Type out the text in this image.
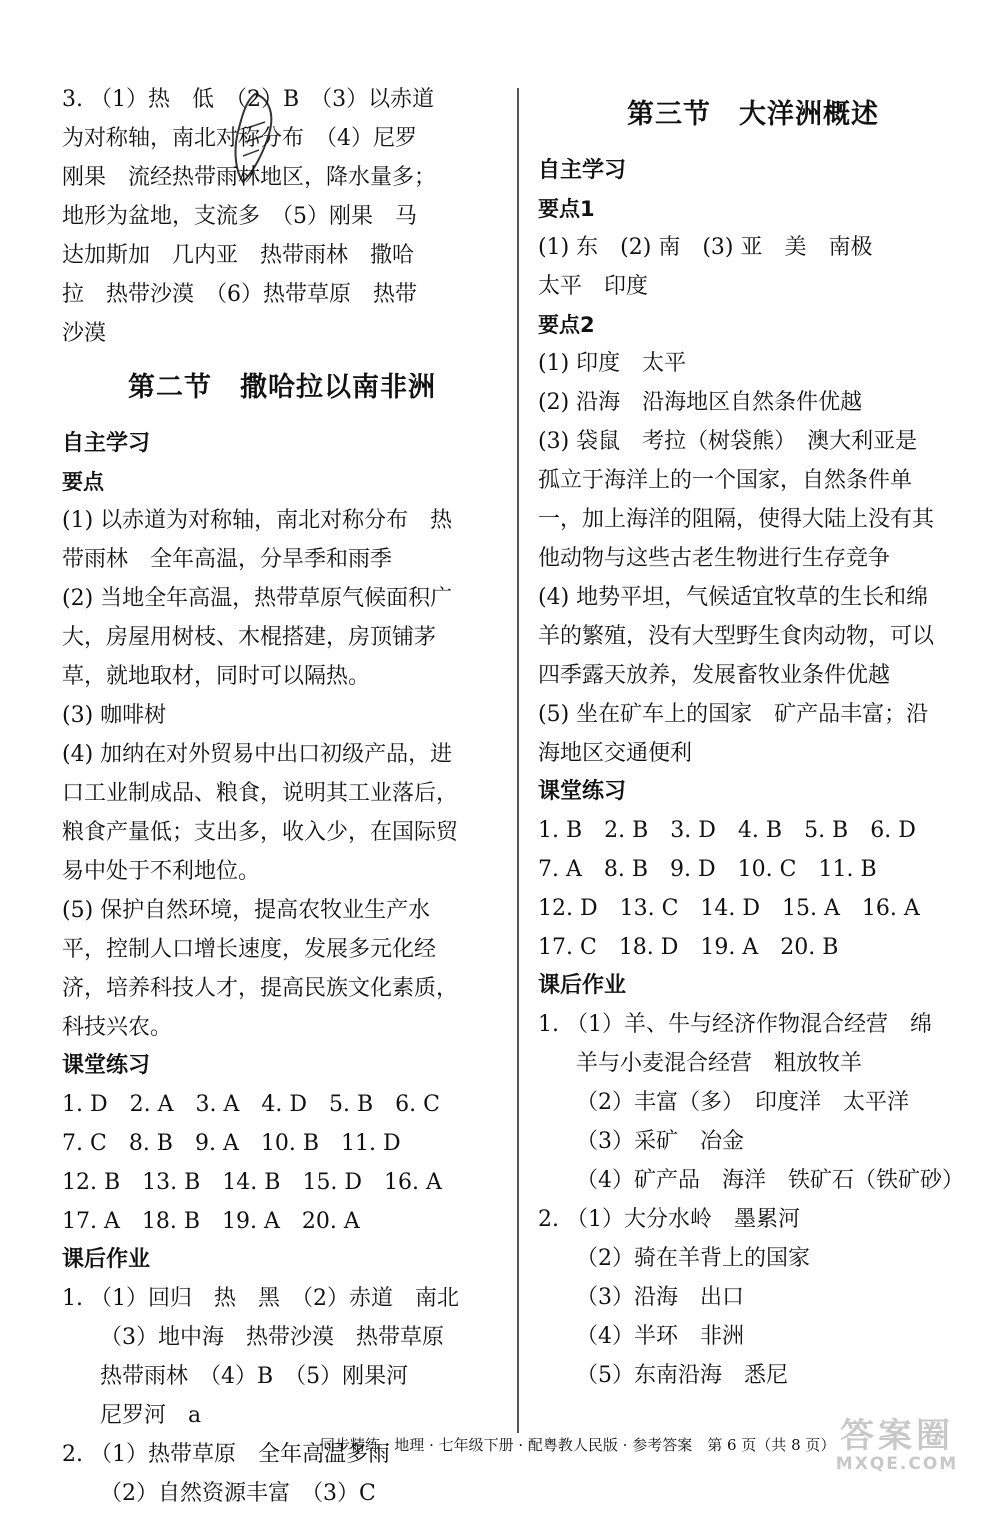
3. （1）热　低　（2）B　（3）以赤道
为对称轴，南北对称分布　（4）尼罗
刚果　流经热带雨林地区，降水量多；
地形为盆地，支流多　（5）刚果　马
达加斯加　几内亚　热带雨林　撒哈
拉　热带沙漠　（6）热带草原　热带
沙漠
第二节　撒哈拉以南非洲
自主学习
要点
(1) 以赤道为对称轴，南北对称分布　热
带雨林　全年高温，分旱季和雨季
(2) 当地全年高温，热带草原气候面积广
大，房屋用树枝、木棍搭建，房顶铺茅
草，就地取材，同时可以隔热。
(3) 咖啡树
(4) 加纳在对外贸易中出口初级产品，进
口工业制成品、粮食，说明其工业落后，
粮食产量低；支出多，收入少，在国际贸
易中处于不利地位。
(5) 保护自然环境，提高农牧业生产水
平，控制人口增长速度，发展多元化经
济，培养科技人才，提高民族文化素质，
科技兴农。
课堂练习
1. D　2. A　3. A　4. D　5. B　6. C
7. C　8. B　9. A　10. B　11. D
12. B　13. B　14. B　15. D　16. A
17. A　18. B　19. A　20. A
课后作业
1. （1）回归　热　黑　（2）赤道　南北
（3）地中海　热带沙漠　热带草原
热带雨林　（4）B　（5）刚果河
尼罗河　a
2. （1）热带草原　全年高温多雨
（2）自然资源丰富　（3）C
第三节　大洋洲概述
自主学习
要点1
(1) 东　(2) 南　(3) 亚　美　南极
太平　印度
要点2
(1) 印度　太平
(2) 沿海　沿海地区自然条件优越
(3) 袋鼠　考拉（树袋熊）　澳大利亚是
孤立于海洋上的一个国家，自然条件单
一，加上海洋的阻隔，使得大陆上没有其
他动物与这些古老生物进行生存竞争
(4) 地势平坦，气候适宜牧草的生长和绵
羊的繁殖，没有大型野生食肉动物，可以
四季露天放养，发展畜牧业条件优越
(5) 坐在矿车上的国家　矿产品丰富；沿
海地区交通便利
课堂练习
1. B　2. B　3. D　4. B　5. B　6. D
7. A　8. B　9. D　10. C　11. B
12. D　13. C　14. D　15. A　16. A
17. C　18. D　19. A　20. B
课后作业
1. （1）羊、牛与经济作物混合经营　绵
羊与小麦混合经营　粗放牧羊
（2）丰富（多）　印度洋　太平洋
（3）采矿　冶金
（4）矿产品　海洋　铁矿石（铁矿砂）
2. （1）大分水岭　墨累河
（2）骑在羊背上的国家
（3）沿海　出口
（4）半环　非洲
（5）东南沿海　悉尼
同步精练 · 地理 · 七年级下册 · 配粤教人民版 · 参考答案　第 6 页（共 8 页） 答案圈
MXQE.COM
